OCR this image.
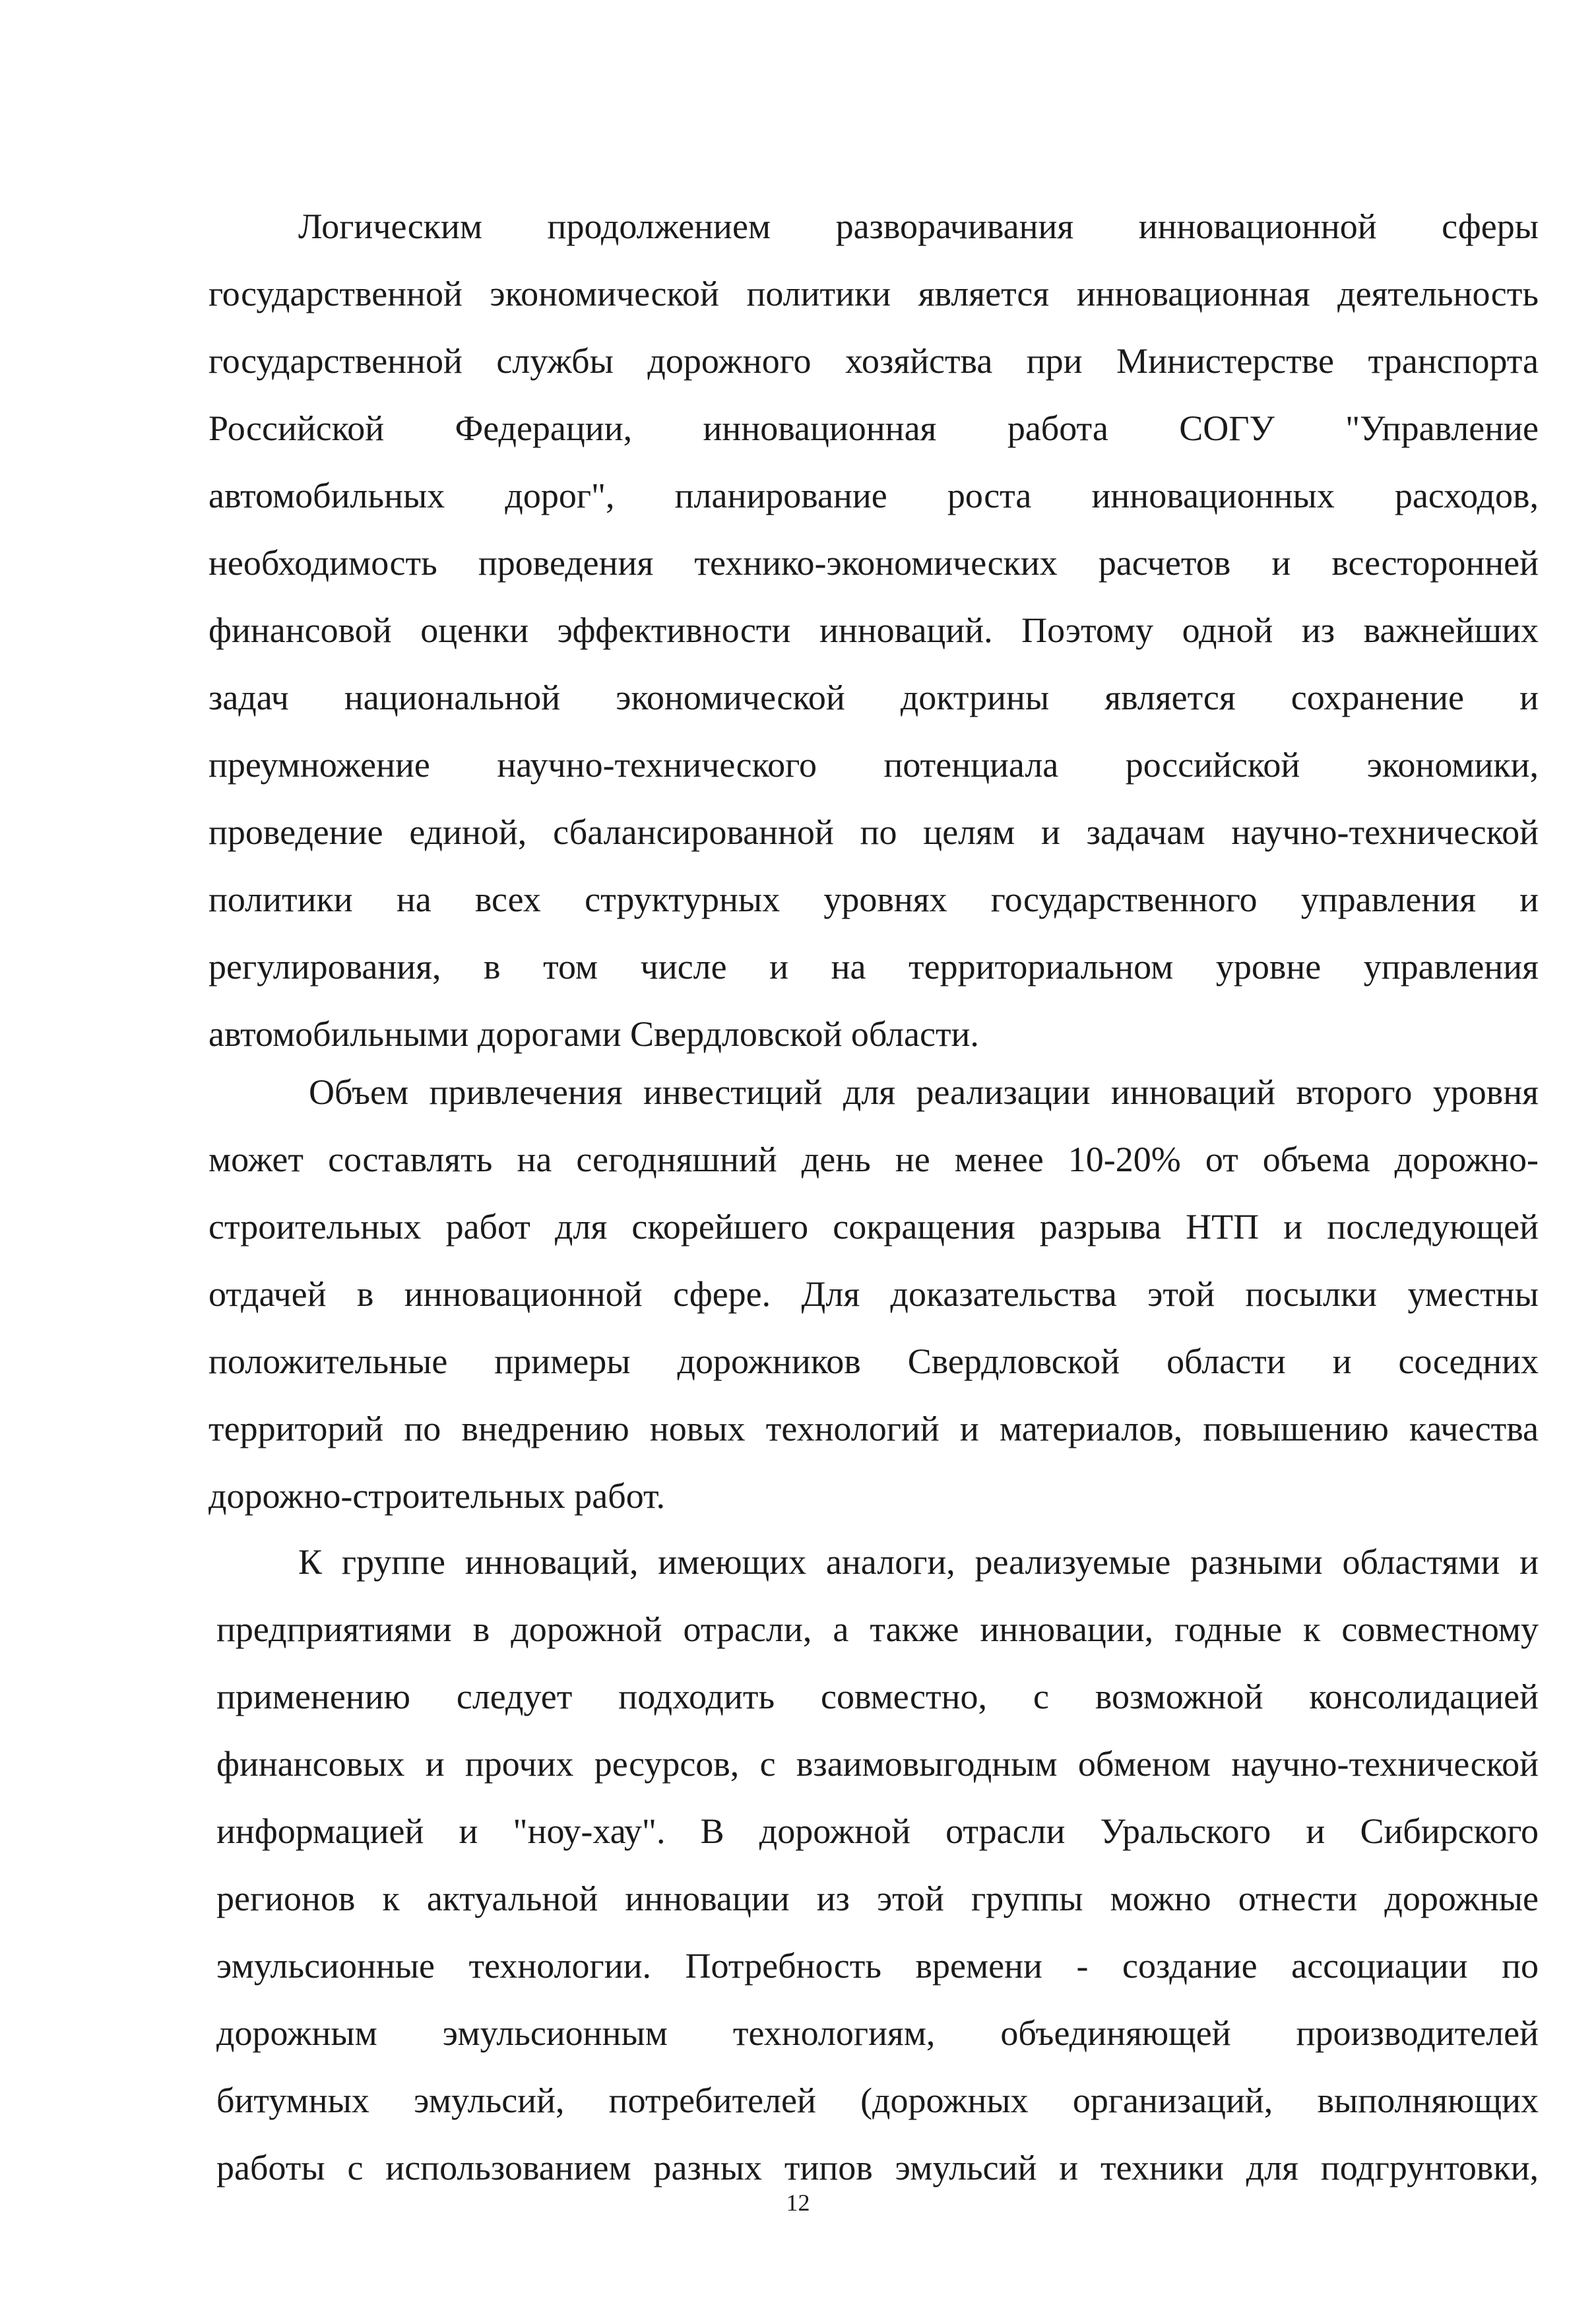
Логическим продолжением разворачивания инновационной сферы
государственной экономической политики является инновационная деятельность
государственной службы дорожного хозяйства при Министерстве транспорта
Российской Федерации, инновационная работа СОГУ "Управление
автомобильных дорог", планирование роста инновационных расходов,
необходимость проведения технико-экономических расчетов и всесторонней
финансовой оценки эффективности инноваций. Поэтому одной из важнейших
задач национальной экономической доктрины является сохранение и
преумножение научно-технического потенциала российской экономики,
проведение единой, сбалансированной по целям и задачам научно-технической
политики на всех структурных уровнях государственного управления и
регулирования, в том числе и на территориальном уровне управления
автомобильными дорогами Свердловской области.
Объем привлечения инвестиций для реализации инноваций второго уровня
может составлять на сегодняшний день не менее 10-20% от объема дорожно-
строительных работ для скорейшего сокращения разрыва НТП и последующей
отдачей в инновационной сфере. Для доказательства этой посылки уместны
положительные примеры дорожников Свердловской области и соседних
территорий по внедрению новых технологий и материалов, повышению качества
дорожно-строительных работ.
К группе инноваций, имеющих аналоги, реализуемые разными областями и
предприятиями в дорожной отрасли, а также инновации, годные к совместному
применению следует подходить совместно, с возможной консолидацией
финансовых и прочих ресурсов, с взаимовыгодным обменом научно-технической
информацией и "ноу-хау". В дорожной отрасли Уральского и Сибирского
регионов к актуальной инновации из этой группы можно отнести дорожные
эмульсионные технологии. Потребность времени - создание ассоциации по
дорожным эмульсионным технологиям, объединяющей производителей
битумных эмульсий, потребителей (дорожных организаций, выполняющих
работы с использованием разных типов эмульсий и техники для подгрунтовки,
12
